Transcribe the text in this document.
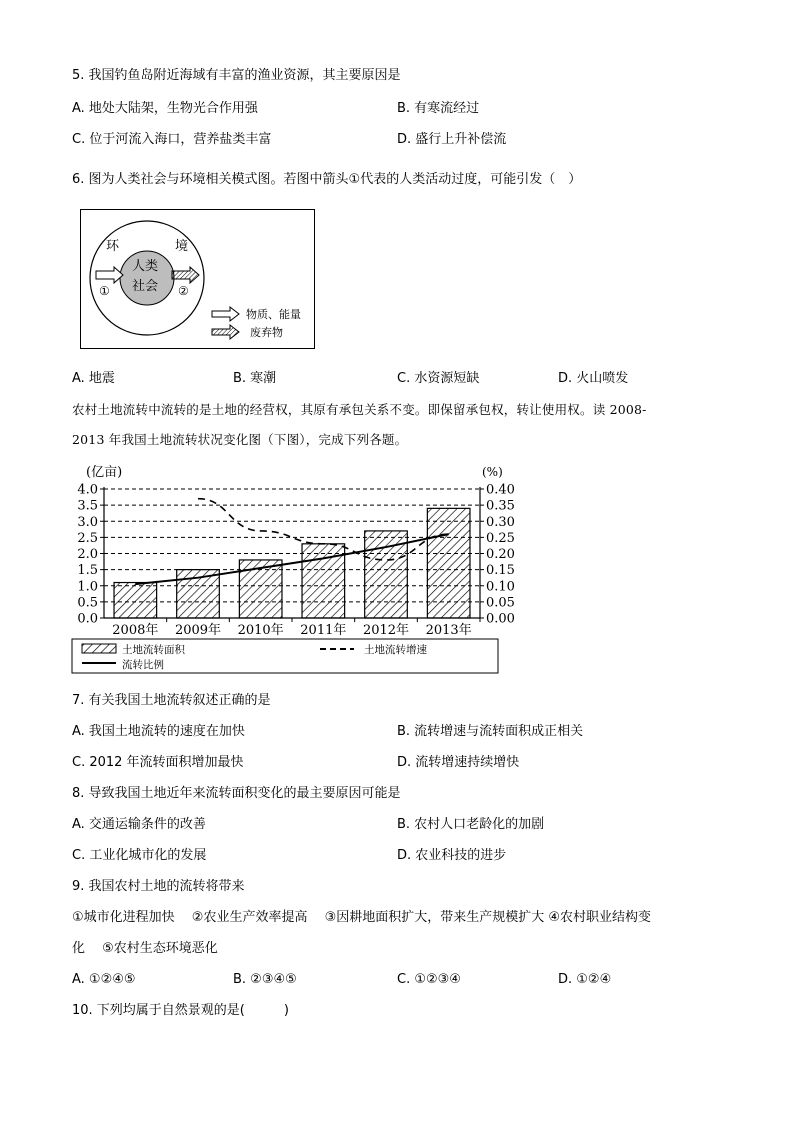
5. 我国钓鱼岛附近海域有丰富的渔业资源，其主要原因是
A. 地处大陆架，生物光合作用强	B. 有寒流经过
C. 位于河流入海口，营养盐类丰富	D. 盛行上升补偿流
6. 图为人类社会与环境相关模式图。若图中箭头①代表的人类活动过度，可能引发（　）
环	境
人类
社会
①	②
物质、能量
废弃物
A. 地震	B. 寒潮	C. 水资源短缺	D. 火山喷发
农村土地流转中流转的是土地的经营权，其原有承包关系不变。即保留承包权，转让使用权。读 2008-
2013 年我国土地流转状况变化图（下图），完成下列各题。
(亿亩)	(%)
0.0
0.5
1.0
1.5
2.0
2.5
3.0
3.5
4.0
0.00
0.05
0.10
0.15
0.20
0.25
0.30
0.35
0.40
2008年 2009年 2010年 2011年 2012年 2013年
土地流转面积	土地流转增速
流转比例
7. 有关我国土地流转叙述正确的是
A. 我国土地流转的速度在加快	B. 流转增速与流转面积成正相关
C. 2012 年流转面积增加最快	D. 流转增速持续增快
8. 导致我国土地近年来流转面积变化的最主要原因可能是
A. 交通运输条件的改善	B. 农村人口老龄化的加剧
C. 工业化城市化的发展	D. 农业科技的进步
9. 我国农村土地的流转将带来
①城市化进程加快　 ②农业生产效率提高　 ③因耕地面积扩大，带来生产规模扩大 ④农村职业结构变
化　 ⑤农村生态环境恶化
A. ①②④⑤	B. ②③④⑤	C. ①②③④	D. ①②④
10. 下列均属于自然景观的是(　　　)
